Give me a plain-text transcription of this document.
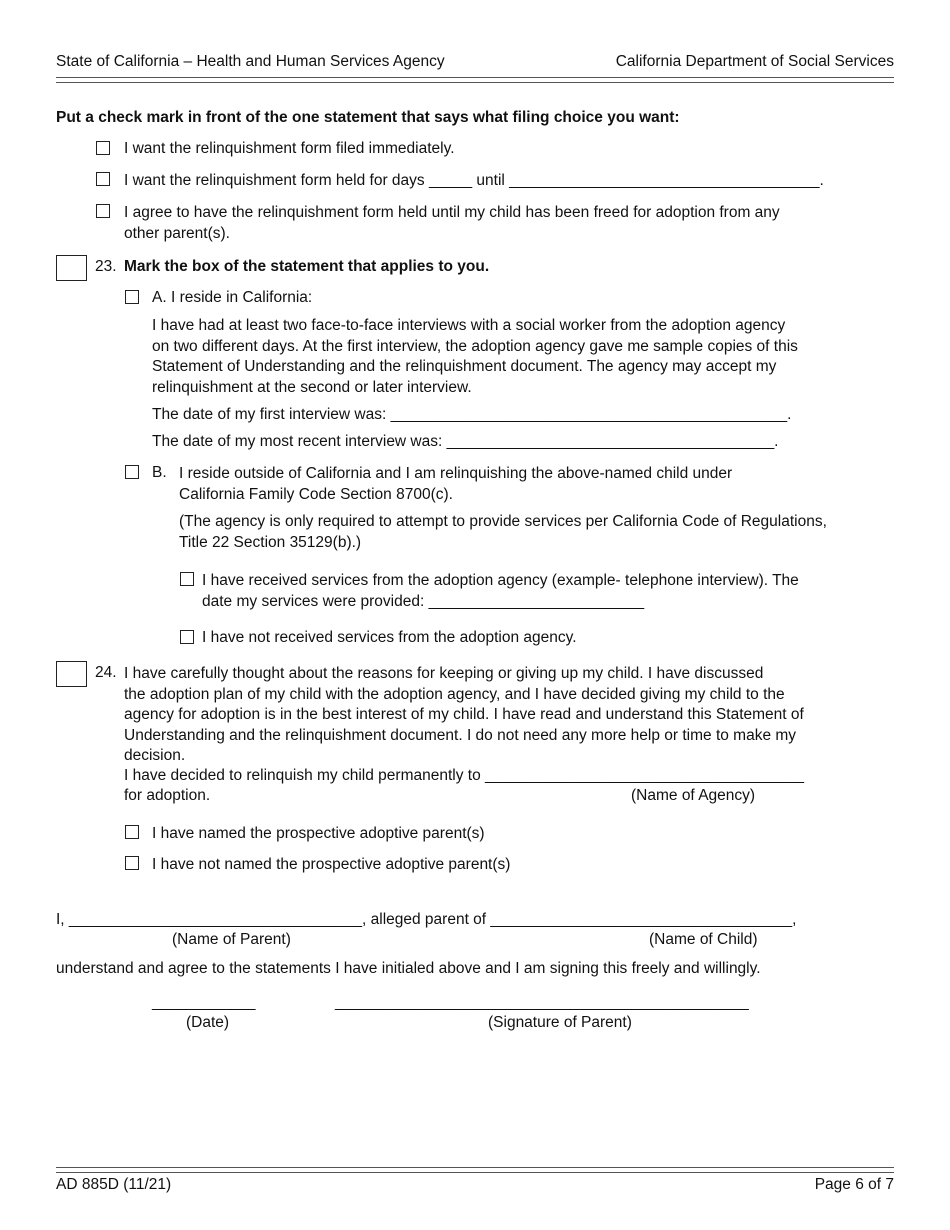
State of California – Health and Human Services Agency	California Department of Social Services
Put a check mark in front of the one statement that says what filing choice you want:
I want the relinquishment form filed immediately.
I want the relinquishment form held for days _____ until ____________________________________.
I agree to have the relinquishment form held until my child has been freed for adoption from any
other parent(s).
23. Mark the box of the statement that applies to you.
A. I reside in California:
I have had at least two face-to-face interviews with a social worker from the adoption agency
on two different days. At the first interview, the adoption agency gave me sample copies of this
Statement of Understanding and the relinquishment document. The agency may accept my
relinquishment at the second or later interview.
The date of my first interview was: ______________________________________________.
The date of my most recent interview was: ______________________________________.
B. I reside outside of California and I am relinquishing the above-named child under
California Family Code Section 8700(c).
(The agency is only required to attempt to provide services per California Code of Regulations,
Title 22 Section 35129(b).)
I have received services from the adoption agency (example- telephone interview). The
date my services were provided: _________________________
I have not received services from the adoption agency.
24. I have carefully thought about the reasons for keeping or giving up my child. I have discussed
the adoption plan of my child with the adoption agency, and I have decided giving my child to the
agency for adoption is in the best interest of my child. I have read and understand this Statement of
Understanding and the relinquishment document. I do not need any more help or time to make my
decision.
I have decided to relinquish my child permanently to _____________________________________
for adoption.	(Name of Agency)
I have named the prospective adoptive parent(s)
I have not named the prospective adoptive parent(s)
I, __________________________________, alleged parent of ___________________________________,
(Name of Parent)	(Name of Child)
understand and agree to the statements I have initialed above and I am signing this freely and willingly.
____________	________________________________________________
(Date)	(Signature of Parent)
AD 885D (11/21)	Page 6 of 7
